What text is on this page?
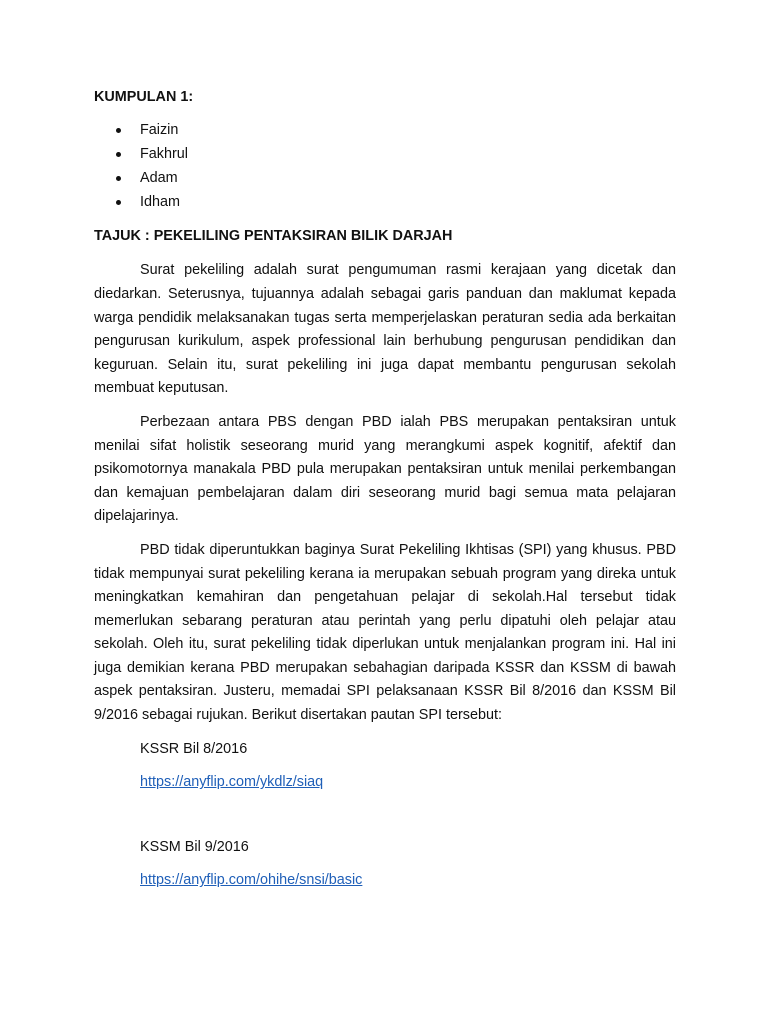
KUMPULAN 1:

Faizin
Fakhrul
Adam
Idham

TAJUK : PEKELILING PENTAKSIRAN BILIK DARJAH

Surat pekeliling adalah surat pengumuman rasmi kerajaan yang dicetak dan diedarkan. Seterusnya, tujuannya adalah sebagai garis panduan dan maklumat kepada warga pendidik melaksanakan tugas serta memperjelaskan peraturan sedia ada berkaitan pengurusan kurikulum, aspek professional lain berhubung pengurusan pendidikan dan keguruan. Selain itu, surat pekeliling ini juga dapat membantu pengurusan sekolah membuat keputusan.

Perbezaan antara PBS dengan PBD ialah PBS merupakan pentaksiran untuk menilai sifat holistik seseorang murid yang merangkumi aspek kognitif, afektif dan psikomotornya manakala PBD pula merupakan pentaksiran untuk menilai perkembangan dan kemajuan pembelajaran dalam diri seseorang murid bagi semua mata pelajaran dipelajarinya.

PBD tidak diperuntukkan baginya Surat Pekeliling Ikhtisas (SPI) yang khusus. PBD tidak mempunyai surat pekeliling kerana ia merupakan sebuah program yang direka untuk meningkatkan kemahiran dan pengetahuan pelajar di sekolah.Hal tersebut tidak memerlukan sebarang peraturan atau perintah yang perlu dipatuhi oleh pelajar atau sekolah. Oleh itu, surat pekeliling tidak diperlukan untuk menjalankan program ini. Hal ini juga demikian kerana PBD merupakan sebahagian daripada KSSR dan KSSM di bawah aspek pentaksiran. Justeru, memadai SPI pelaksanaan KSSR Bil 8/2016 dan KSSM Bil 9/2016 sebagai rujukan. Berikut disertakan pautan SPI tersebut:

KSSR Bil 8/2016

https://anyflip.com/ykdlz/siaq

KSSM Bil 9/2016

https://anyflip.com/ohihe/snsi/basic
